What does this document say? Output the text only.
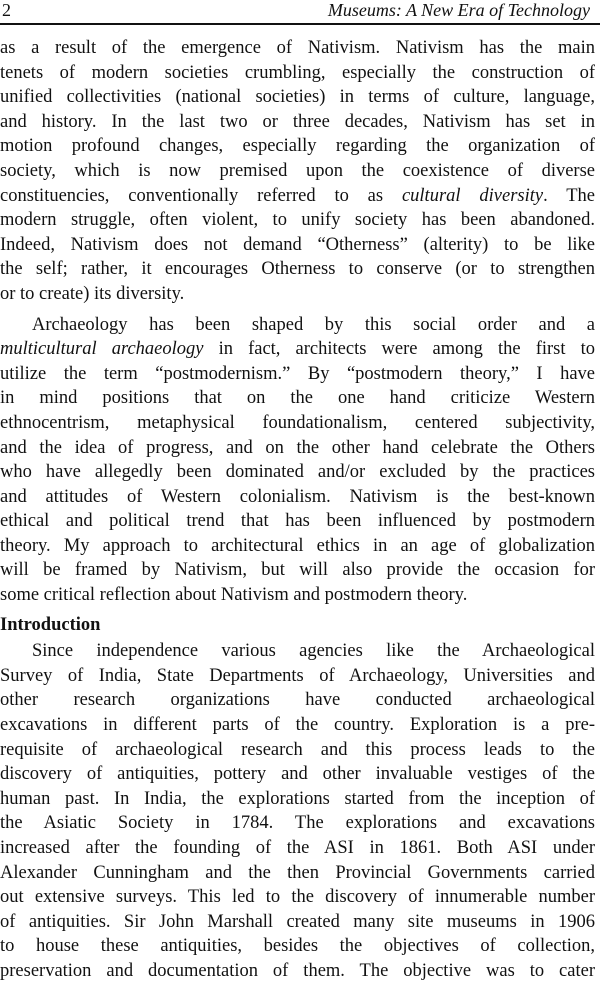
2	Museums: A New Era of Technology
as a result of the emergence of Nativism. Nativism has the main
tenets of modern societies crumbling, especially the construction of
unified collectivities (national societies) in terms of culture, language,
and history. In the last two or three decades, Nativism has set in
motion profound changes, especially regarding the organization of
society, which is now premised upon the coexistence of diverse
constituencies, conventionally referred to as cultural diversity. The
modern struggle, often violent, to unify society has been abandoned.
Indeed, Nativism does not demand “Otherness” (alterity) to be like
the self; rather, it encourages Otherness to conserve (or to strengthen
or to create) its diversity.
Archaeology has been shaped by this social order and a
multicultural archaeology in fact, architects were among the first to
utilize the term “postmodernism.” By “postmodern theory,” I have
in mind positions that on the one hand criticize Western
ethnocentrism, metaphysical foundationalism, centered subjectivity,
and the idea of progress, and on the other hand celebrate the Others
who have allegedly been dominated and/or excluded by the practices
and attitudes of Western colonialism. Nativism is the best-known
ethical and political trend that has been influenced by postmodern
theory. My approach to architectural ethics in an age of globalization
will be framed by Nativism, but will also provide the occasion for
some critical reflection about Nativism and postmodern theory.
Introduction
Since independence various agencies like the Archaeological
Survey of India, State Departments of Archaeology, Universities and
other research organizations have conducted archaeological
excavations in different parts of the country. Exploration is a pre-
requisite of archaeological research and this process leads to the
discovery of antiquities, pottery and other invaluable vestiges of the
human past. In India, the explorations started from the inception of
the Asiatic Society in 1784. The explorations and excavations
increased after the founding of the ASI in 1861. Both ASI under
Alexander Cunningham and the then Provincial Governments carried
out extensive surveys. This led to the discovery of innumerable number
of antiquities. Sir John Marshall created many site museums in 1906
to house these antiquities, besides the objectives of collection,
preservation and documentation of them. The objective was to cater
